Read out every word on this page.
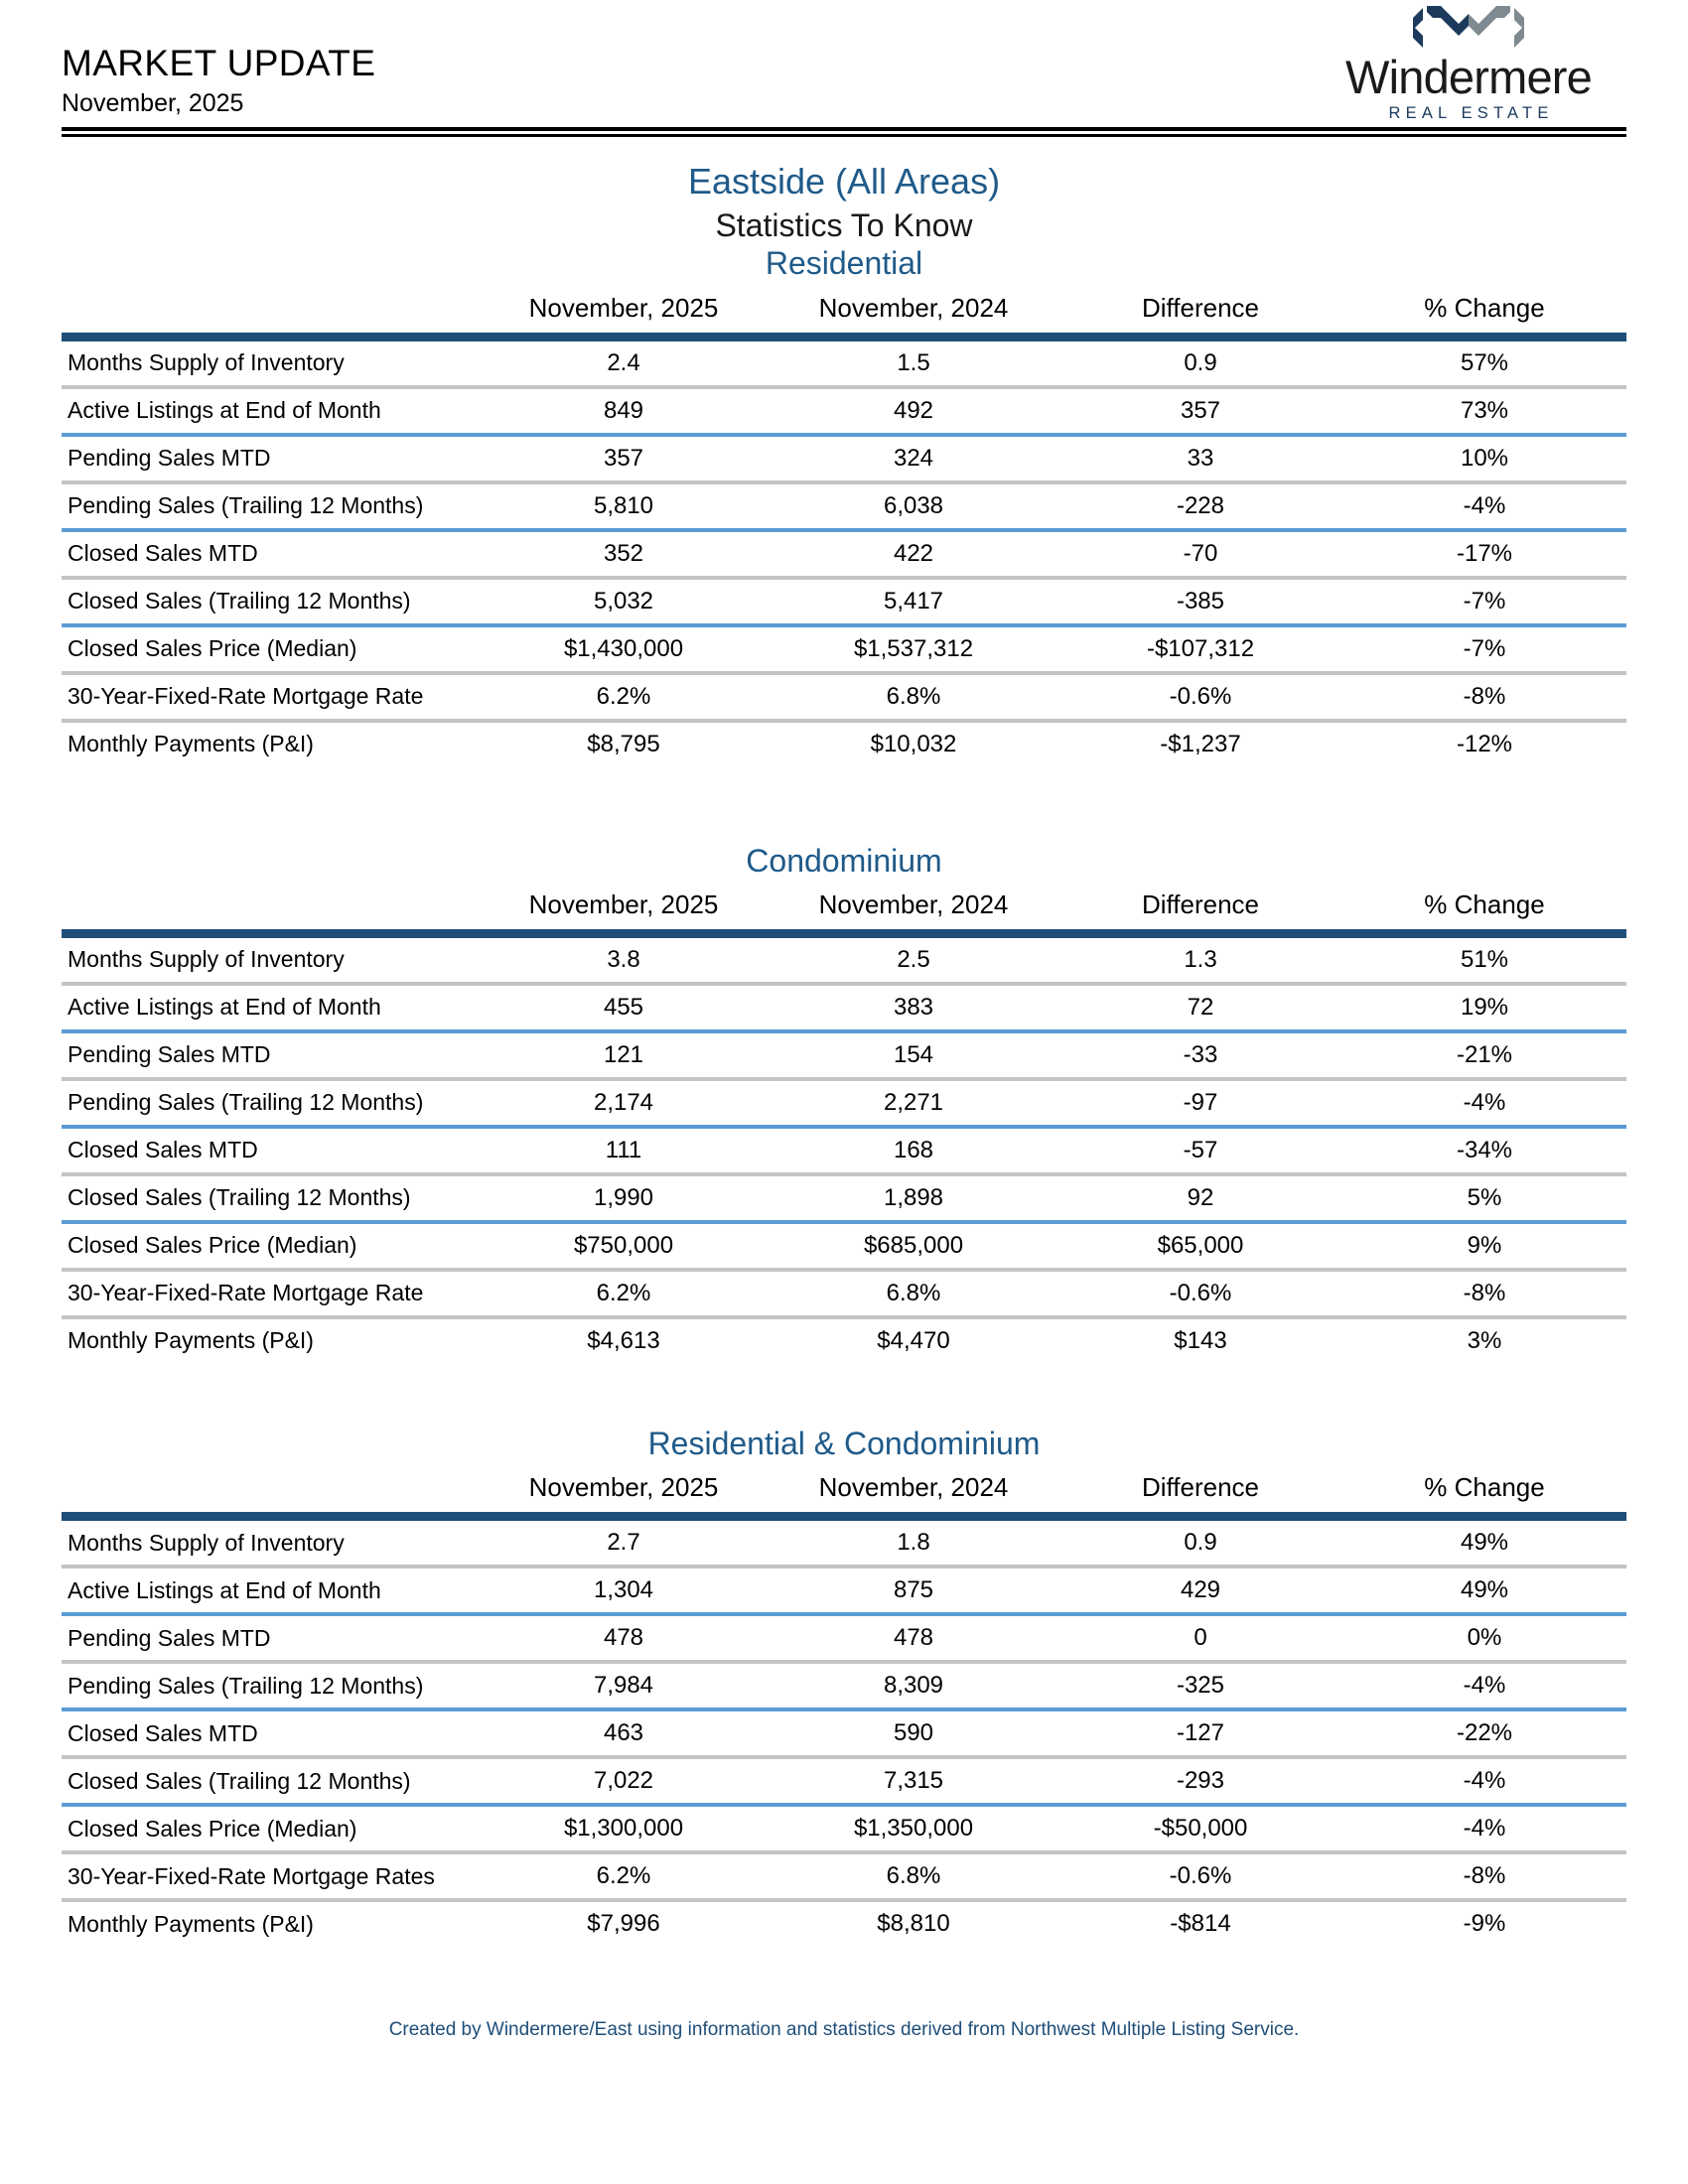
MARKET UPDATE
November, 2025	Windermere
REAL ESTATE
Eastside (All Areas)
Statistics To Know
Residential
	November, 2025	November, 2024	Difference	% Change
Months Supply of Inventory	2.4	1.5	0.9	57%
Active Listings at End of Month	849	492	357	73%
Pending Sales MTD	357	324	33	10%
Pending Sales (Trailing 12 Months)	5,810	6,038	-228	-4%
Closed Sales MTD	352	422	-70	-17%
Closed Sales (Trailing 12 Months)	5,032	5,417	-385	-7%
Closed Sales Price (Median)	$1,430,000	$1,537,312	-$107,312	-7%
30-Year-Fixed-Rate Mortgage Rate	6.2%	6.8%	-0.6%	-8%
Monthly Payments (P&I)	$8,795	$10,032	-$1,237	-12%
Condominium
	November, 2025	November, 2024	Difference	% Change
Months Supply of Inventory	3.8	2.5	1.3	51%
Active Listings at End of Month	455	383	72	19%
Pending Sales MTD	121	154	-33	-21%
Pending Sales (Trailing 12 Months)	2,174	2,271	-97	-4%
Closed Sales MTD	111	168	-57	-34%
Closed Sales (Trailing 12 Months)	1,990	1,898	92	5%
Closed Sales Price (Median)	$750,000	$685,000	$65,000	9%
30-Year-Fixed-Rate Mortgage Rate	6.2%	6.8%	-0.6%	-8%
Monthly Payments (P&I)	$4,613	$4,470	$143	3%
Residential & Condominium
	November, 2025	November, 2024	Difference	% Change
Months Supply of Inventory	2.7	1.8	0.9	49%
Active Listings at End of Month	1,304	875	429	49%
Pending Sales MTD	478	478	0	0%
Pending Sales (Trailing 12 Months)	7,984	8,309	-325	-4%
Closed Sales MTD	463	590	-127	-22%
Closed Sales (Trailing 12 Months)	7,022	7,315	-293	-4%
Closed Sales Price (Median)	$1,300,000	$1,350,000	-$50,000	-4%
30-Year-Fixed-Rate Mortgage Rates	6.2%	6.8%	-0.6%	-8%
Monthly Payments (P&I)	$7,996	$8,810	-$814	-9%
Created by Windermere/East using information and statistics derived from Northwest Multiple Listing Service.
